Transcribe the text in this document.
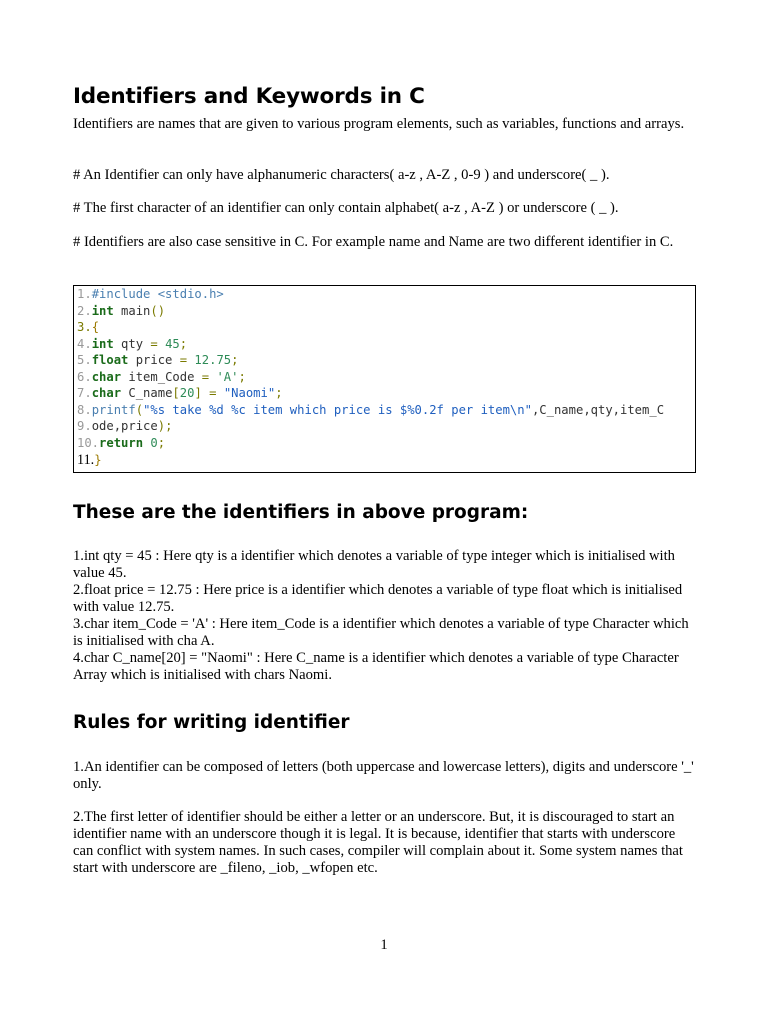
Identifiers and Keywords in C

Identifiers are names that are given to various program elements, such as variables, functions and arrays.

# An Identifier can only have alphanumeric characters( a-z , A-Z , 0-9 ) and underscore( _ ).

# The first character of an identifier can only contain alphabet( a-z , A-Z ) or underscore ( _ ).

# Identifiers are also case sensitive in C. For example name and Name are two different identifier in C.

1.#include <stdio.h>
2.int main()
3.{
4.int qty = 45;
5.float price = 12.75;
6.char item_Code = 'A';
7.char C_name[20] = "Naomi";
8.printf("%s take %d %c item which price is $%0.2f per item\n",C_name,qty,item_C
9.ode,price);
10.return 0;
11.}
These are the identifiers in above program:

1.int qty = 45 : Here qty is a identifier which denotes a variable of type integer which is initialised with value 45.

2.float price = 12.75 : Here price is a identifier which denotes a variable of type float which is initialised with value 12.75.

3.char item_Code = 'A' : Here item_Code is a identifier which denotes a variable of type Character which is initialised with cha A.

4.char C_name[20] = "Naomi" : Here C_name is a identifier which denotes a variable of type Character Array which is initialised with chars Naomi.

Rules for writing identifier

1.An identifier can be composed of letters (both uppercase and lowercase letters), digits and underscore '_' only.

2.The first letter of identifier should be either a letter or an underscore. But, it is discouraged to start an identifier name with an underscore though it is legal. It is because, identifier that starts with underscore can conflict with system names. In such cases, compiler will complain about it. Some system names that start with underscore are _fileno, _iob, _wfopen etc.

1
